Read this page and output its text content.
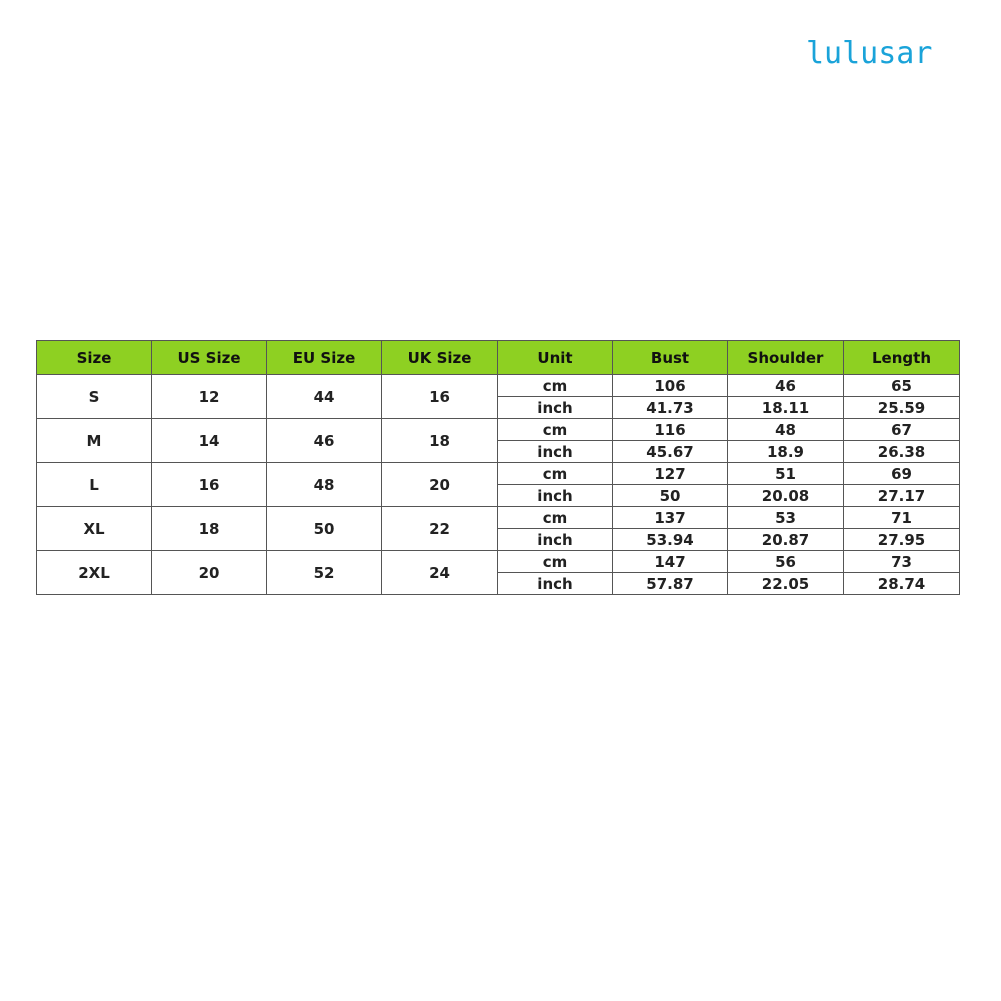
lulusar
Size	US Size	EU Size	UK Size	Unit	Bust	Shoulder	Length
S	12	44	16	cm	106	46	65
				inch	41.73	18.11	25.59
M	14	46	18	cm	116	48	67
				inch	45.67	18.9	26.38
L	16	48	20	cm	127	51	69
				inch	50	20.08	27.17
XL	18	50	22	cm	137	53	71
				inch	53.94	20.87	27.95
2XL	20	52	24	cm	147	56	73
				inch	57.87	22.05	28.74
